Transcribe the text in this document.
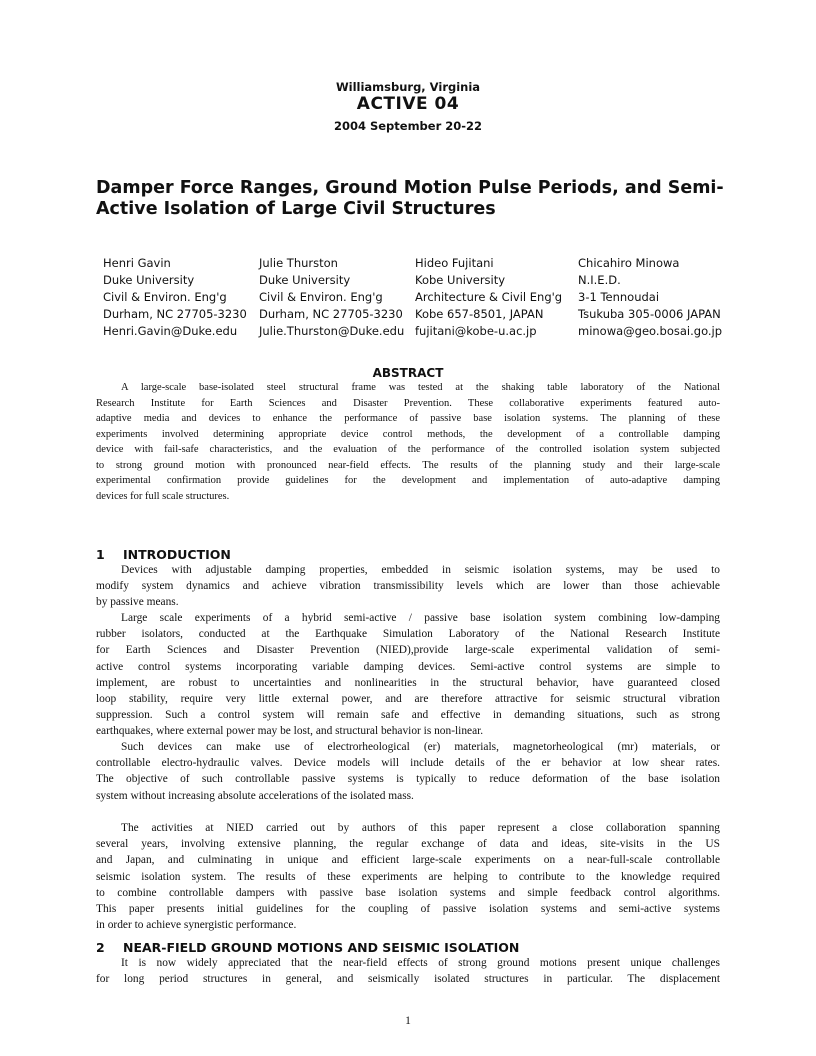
Williamsburg, Virginia
ACTIVE 04
2004 September 20-22
Damper Force Ranges, Ground Motion Pulse Periods, and Semi-Active Isolation of Large Civil Structures
Henri Gavin
Duke University
Civil & Environ. Eng'g
Durham, NC 27705-3230
Henri.Gavin@Duke.edu
Julie Thurston
Duke University
Civil & Environ. Eng'g
Durham, NC 27705-3230
Julie.Thurston@Duke.edu
Hideo Fujitani
Kobe University
Architecture & Civil Eng'g
Kobe 657-8501, JAPAN
fujitani@kobe-u.ac.jp
Chicahiro Minowa
N.I.E.D.
3-1 Tennoudai
Tsukuba 305-0006 JAPAN
minowa@geo.bosai.go.jp
ABSTRACT
A large-scale base-isolated steel structural frame was tested at the shaking table laboratory of the National
Research Institute for Earth Sciences and Disaster Prevention. These collaborative experiments featured auto-
adaptive media and devices to enhance the performance of passive base isolation systems. The planning of these
experiments involved determining appropriate device control methods, the development of a controllable damping
device with fail-safe characteristics, and the evaluation of the performance of the controlled isolation system subjected
to strong ground motion with pronounced near-field effects. The results of the planning study and their large-scale
experimental confirmation provide guidelines for the development and implementation of auto-adaptive damping
devices for full scale structures.
1 INTRODUCTION
Devices with adjustable damping properties, embedded in seismic isolation systems, may be used to
modify system dynamics and achieve vibration transmissibility levels which are lower than those achievable
by passive means.
Large scale experiments of a hybrid semi-active / passive base isolation system combining low-damping
rubber isolators, conducted at the Earthquake Simulation Laboratory of the National Research Institute
for Earth Sciences and Disaster Prevention (NIED),provide large-scale experimental validation of semi-
active control systems incorporating variable damping devices. Semi-active control systems are simple to
implement, are robust to uncertainties and nonlinearities in the structural behavior, have guaranteed closed
loop stability, require very little external power, and are therefore attractive for seismic structural vibration
suppression. Such a control system will remain safe and effective in demanding situations, such as strong
earthquakes, where external power may be lost, and structural behavior is non-linear.
Such devices can make use of electrorheological (er) materials, magnetorheological (mr) materials, or
controllable electro-hydraulic valves. Device models will include details of the er behavior at low shear rates.
The objective of such controllable passive systems is typically to reduce deformation of the base isolation
system without increasing absolute accelerations of the isolated mass.
The activities at NIED carried out by authors of this paper represent a close collaboration spanning
several years, involving extensive planning, the regular exchange of data and ideas, site-visits in the US
and Japan, and culminating in unique and efficient large-scale experiments on a near-full-scale controllable
seismic isolation system. The results of these experiments are helping to contribute to the knowledge required
to combine controllable dampers with passive base isolation systems and simple feedback control algorithms.
This paper presents initial guidelines for the coupling of passive isolation systems and semi-active systems
in order to achieve synergistic performance.
2 NEAR-FIELD GROUND MOTIONS AND SEISMIC ISOLATION
It is now widely appreciated that the near-field effects of strong ground motions present unique challenges
for long period structures in general, and seismically isolated structures in particular. The displacement
1
